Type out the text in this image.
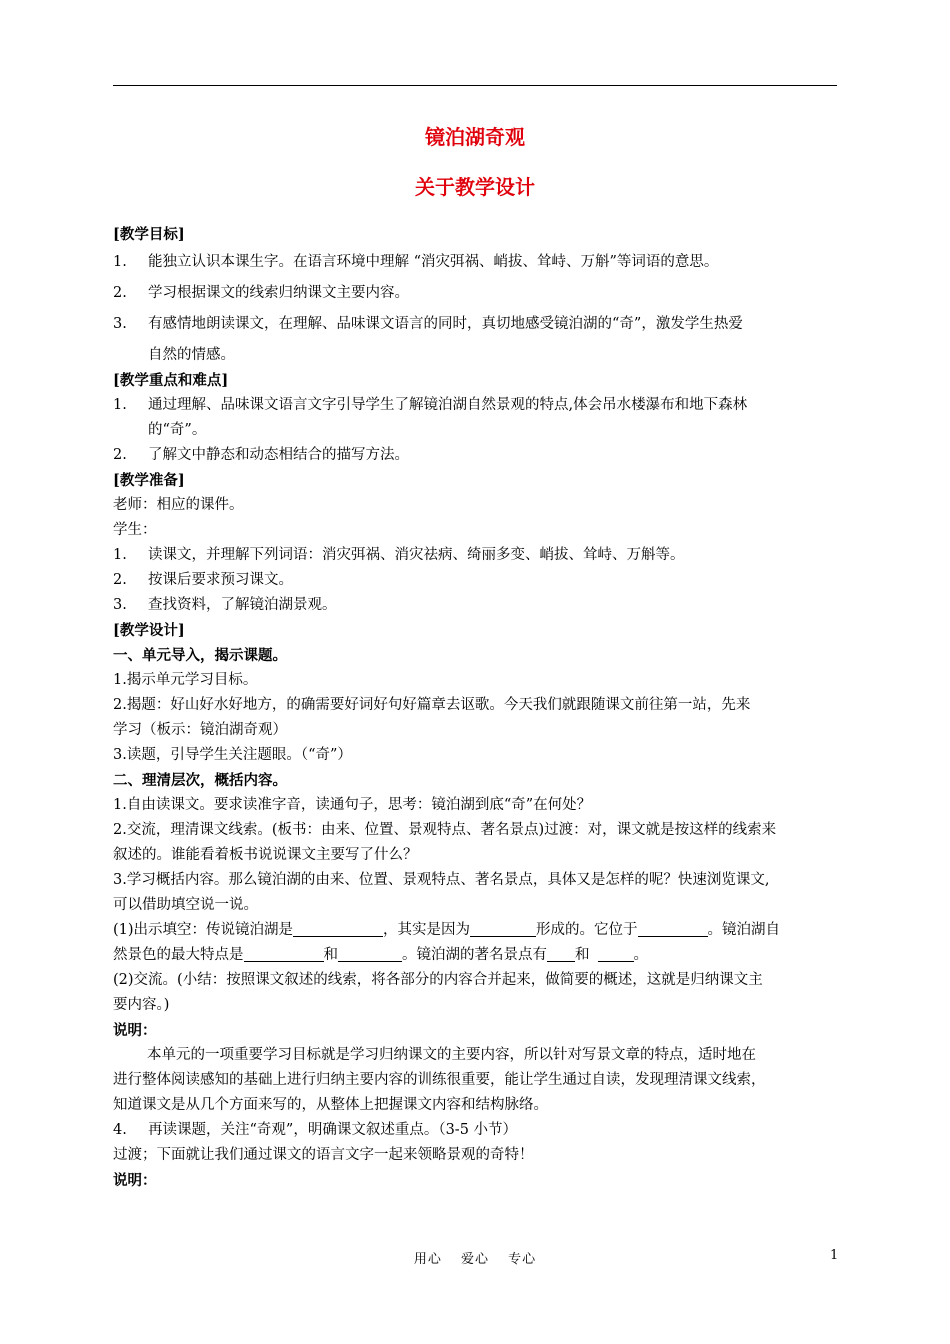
镜泊湖奇观
关于教学设计
[教学目标]
1. 能独立认识本课生字。在语言环境中理解 “消灾弭祸、峭拔、耸峙、万斛”等词语的意思。
2. 学习根据课文的线索归纳课文主要内容。
3. 有感情地朗读课文，在理解、品味课文语言的同时，真切地感受镜泊湖的“奇”，激发学生热爱
自然的情感。
[教学重点和难点]
1. 通过理解、品味课文语言文字引导学生了解镜泊湖自然景观的特点,体会吊水楼瀑布和地下森林
的“奇”。
2. 了解文中静态和动态相结合的描写方法。
[教学准备]
老师：相应的课件。
学生：
1. 读课文，并理解下列词语：消灾弭祸、消灾祛病、绮丽多变、峭拔、耸峙、万斛等。
2. 按课后要求预习课文。
3. 查找资料，了解镜泊湖景观。
[教学设计]
一、单元导入，揭示课题。
1.揭示单元学习目标。
2.揭题：好山好水好地方，的确需要好词好句好篇章去讴歌。今天我们就跟随课文前往第一站，先来
学习（板示：镜泊湖奇观）
3.读题，引导学生关注题眼。（“奇”）
二、理清层次，概括内容。
1.自由读课文。要求读准字音，读通句子，思考：镜泊湖到底“奇”在何处？
2.交流，理清课文线索。(板书：由来、位置、景观特点、著名景点)过渡：对，课文就是按这样的线索来
叙述的。谁能看着板书说说课文主要写了什么？
3.学习概括内容。那么镜泊湖的由来、位置、景观特点、著名景点，具体又是怎样的呢？快速浏览课文,
可以借助填空说一说。
(1)出示填空：传说镜泊湖是	，其实是因为	形成的。它位于	。镜泊湖自
然景色的最大特点是	和	。镜泊湖的著名景点有 和	。
(2)交流。(小结：按照课文叙述的线索，将各部分的内容合并起来，做简要的概述，这就是归纳课文主
要内容。)
说明：
本单元的一项重要学习目标就是学习归纳课文的主要内容，所以针对写景文章的特点，适时地在
进行整体阅读感知的基础上进行归纳主要内容的训练很重要，能让学生通过自读，发现理清课文线索，
知道课文是从几个方面来写的，从整体上把握课文内容和结构脉络。
4. 再读课题，关注“奇观”，明确课文叙述重点。（3-5 小节）
过渡；下面就让我们通过课文的语言文字一起来领略景观的奇特！
说明：
用心 爱心 专心	1
